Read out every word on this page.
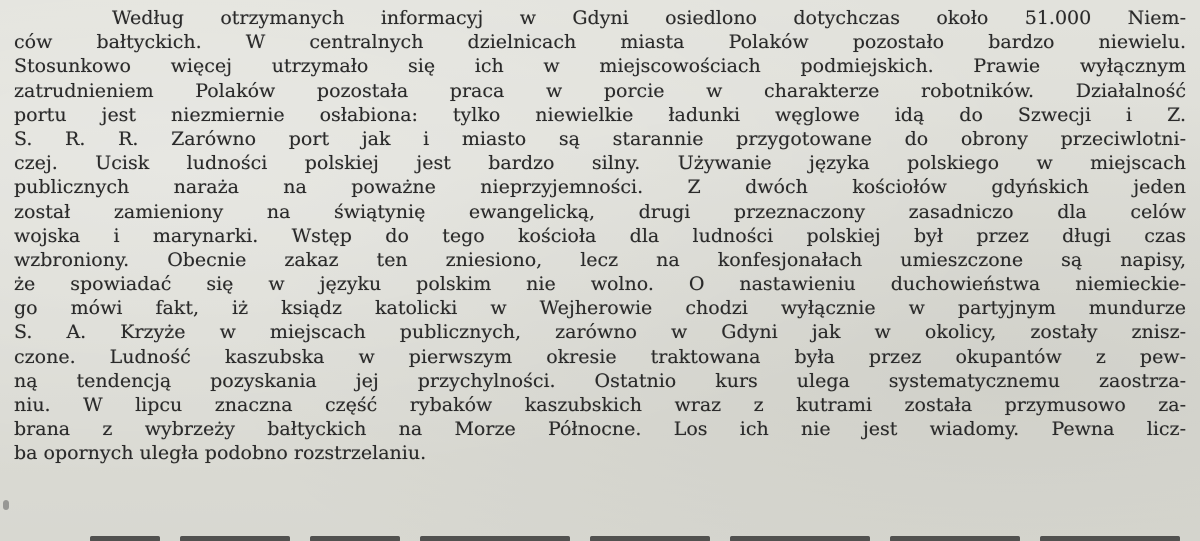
Według otrzymanych informacyj w Gdyni osiedlono dotychczas około 51.000 Niem-
ców bałtyckich. W centralnych dzielnicach miasta Polaków pozostało bardzo niewielu.
Stosunkowo więcej utrzymało się ich w miejscowościach podmiejskich. Prawie wyłącznym
zatrudnieniem Polaków pozostała praca w porcie w charakterze robotników. Działalność
portu jest niezmiernie osłabiona: tylko niewielkie ładunki węglowe idą do Szwecji i Z.
S. R. R. Zarówno port jak i miasto są starannie przygotowane do obrony przeciwlotni-
czej. Ucisk ludności polskiej jest bardzo silny. Używanie języka polskiego w miejscach
publicznych naraża na poważne nieprzyjemności. Z dwóch kościołów gdyńskich jeden
został zamieniony na świątynię ewangelicką, drugi przeznaczony zasadniczo dla celów
wojska i marynarki. Wstęp do tego kościoła dla ludności polskiej był przez długi czas
wzbroniony. Obecnie zakaz ten zniesiono, lecz na konfesjonałach umieszczone są napisy,
że spowiadać się w języku polskim nie wolno. O nastawieniu duchowieństwa niemieckie-
go mówi fakt, iż ksiądz katolicki w Wejherowie chodzi wyłącznie w partyjnym mundurze
S. A. Krzyże w miejscach publicznych, zarówno w Gdyni jak w okolicy, zostały znisz-
czone. Ludność kaszubska w pierwszym okresie traktowana była przez okupantów z pew-
ną tendencją pozyskania jej przychylności. Ostatnio kurs ulega systematycznemu zaostrza-
niu. W lipcu znaczna część rybaków kaszubskich wraz z kutrami została przymusowo za-
brana z wybrzeży bałtyckich na Morze Północne. Los ich nie jest wiadomy. Pewna licz-
ba opornych uległa podobno rozstrzelaniu.
